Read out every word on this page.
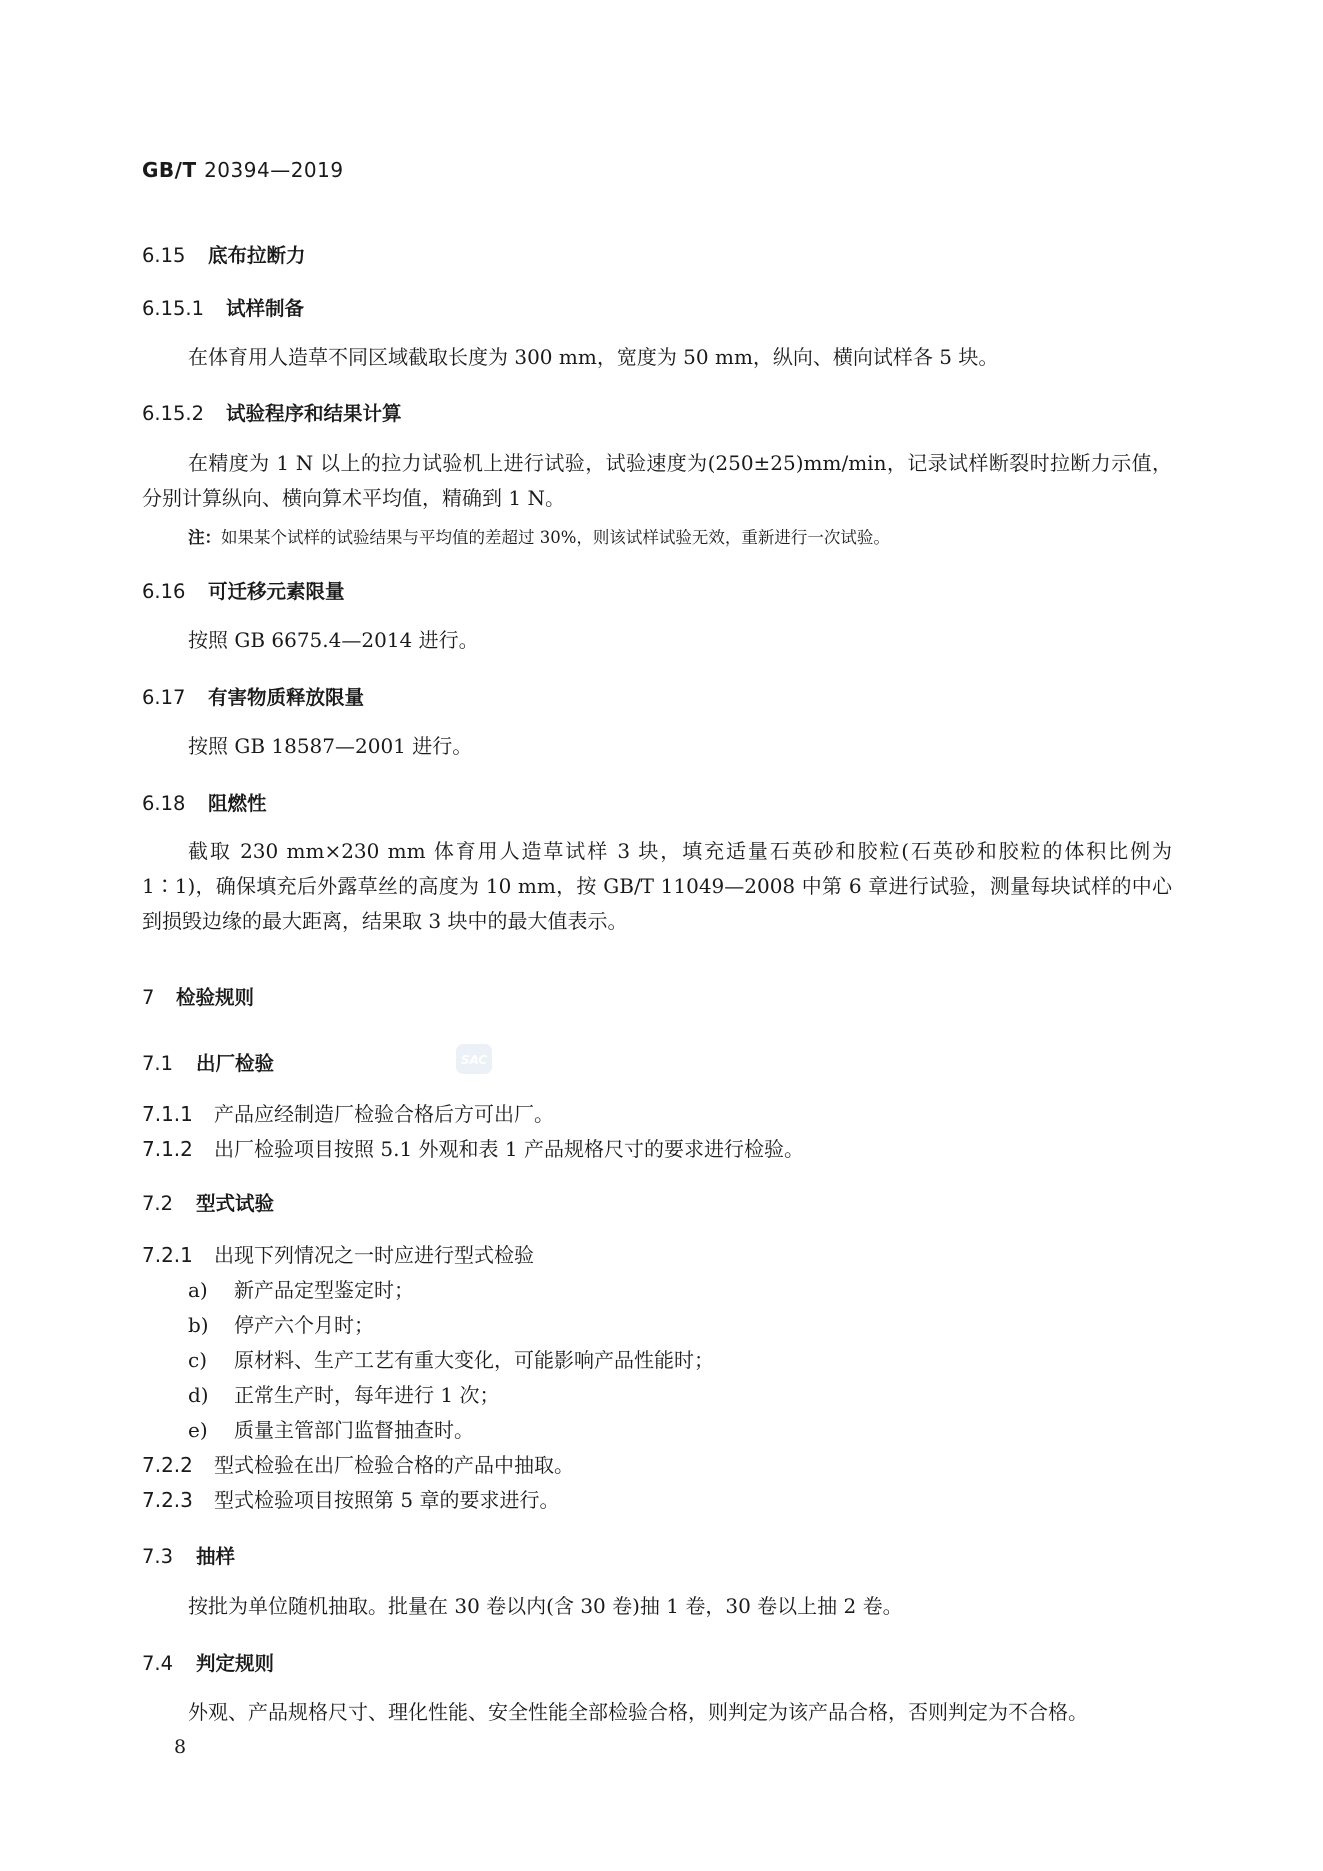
GB/T 20394—2019
6.15 底布拉断力
6.15.1 试样制备
在体育用人造草不同区域截取长度为 300 mm，宽度为 50 mm，纵向、横向试样各 5 块。
6.15.2 试验程序和结果计算
在精度为 1 N 以上的拉力试验机上进行试验，试验速度为(250±25)mm/min，记录试样断裂时拉断力示值，分别计算纵向、横向算术平均值，精确到 1 N。
注：如果某个试样的试验结果与平均值的差超过 30%，则该试样试验无效，重新进行一次试验。
6.16 可迁移元素限量
按照 GB 6675.4—2014 进行。
6.17 有害物质释放限量
按照 GB 18587—2001 进行。
6.18 阻燃性
截取 230 mm×230 mm 体育用人造草试样 3 块，填充适量石英砂和胶粒(石英砂和胶粒的体积比例为 1∶1)，确保填充后外露草丝的高度为 10 mm，按 GB/T 11049—2008 中第 6 章进行试验，测量每块试样的中心到损毁边缘的最大距离，结果取 3 块中的最大值表示。
7 检验规则
7.1 出厂检验	SAC
7.1.1 产品应经制造厂检验合格后方可出厂。
7.1.2 出厂检验项目按照 5.1 外观和表 1 产品规格尺寸的要求进行检验。
7.2 型式试验
7.2.1 出现下列情况之一时应进行型式检验
a) 新产品定型鉴定时；
b) 停产六个月时；
c) 原材料、生产工艺有重大变化，可能影响产品性能时；
d) 正常生产时，每年进行 1 次；
e) 质量主管部门监督抽查时。
7.2.2 型式检验在出厂检验合格的产品中抽取。
7.2.3 型式检验项目按照第 5 章的要求进行。
7.3 抽样
按批为单位随机抽取。批量在 30 卷以内(含 30 卷)抽 1 卷，30 卷以上抽 2 卷。
7.4 判定规则
外观、产品规格尺寸、理化性能、安全性能全部检验合格，则判定为该产品合格，否则判定为不合格。
8
